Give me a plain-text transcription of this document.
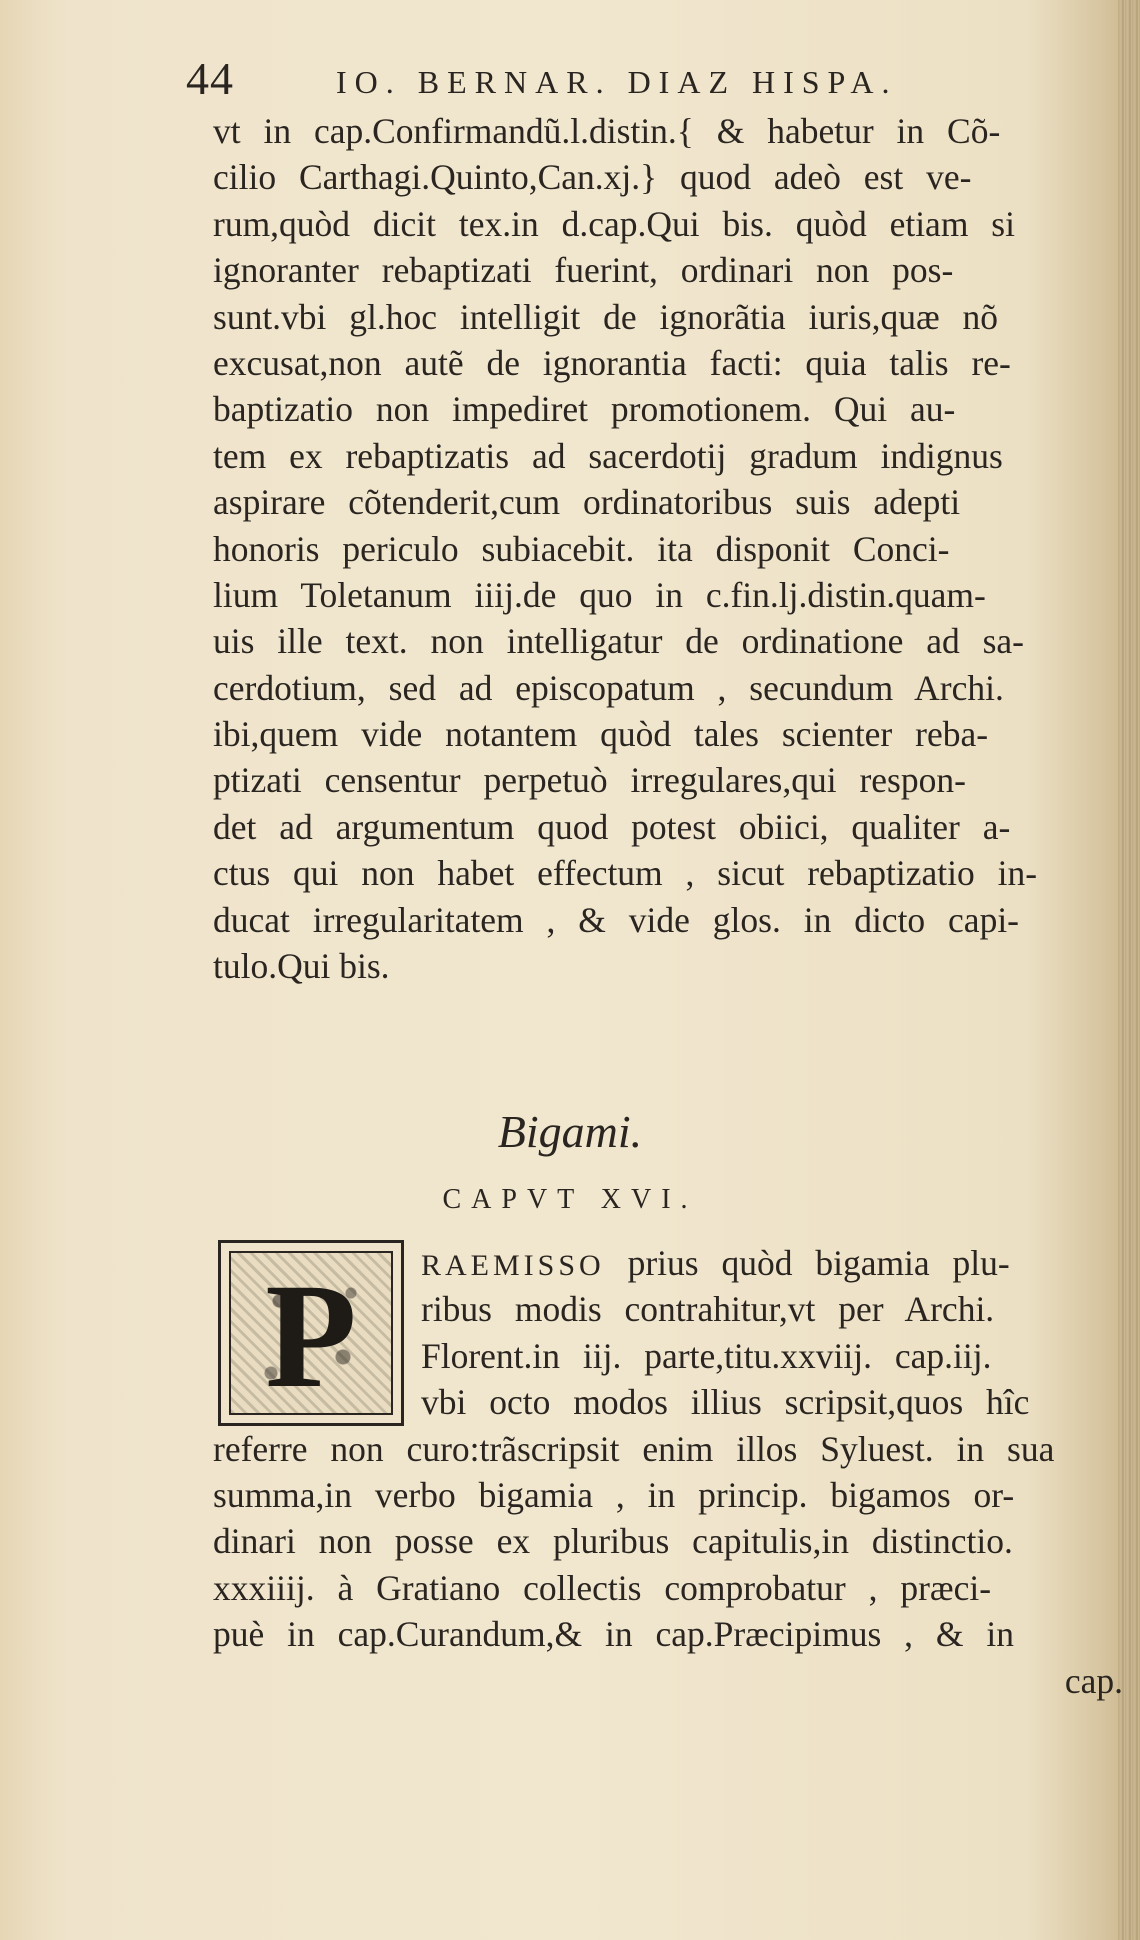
44	IO. BERNAR. DIAZ HISPA.
vt in cap.Confirmandũ.l.distin.{ & habetur in Cõ-
cilio Carthagi.Quinto,Can.xj.} quod adeò est ve-
rum,quòd dicit tex.in d.cap.Qui bis. quòd etiam si
ignoranter rebaptizati fuerint, ordinari non pos-
sunt.vbi gl.hoc intelligit de ignorãtia iuris,quæ nõ
excusat,non autẽ de ignorantia facti: quia talis re-
baptizatio non impediret promotionem. Qui au-
tem ex rebaptizatis ad sacerdotij gradum indignus
aspirare cõtenderit,cum ordinatoribus suis adepti
honoris periculo subiacebit. ita disponit Conci-
lium Toletanum iiij.de quo in c.fin.lj.distin.quam-
uis ille text. non intelligatur de ordinatione ad sa-
cerdotium, sed ad episcopatum , secundum Archi.
ibi,quem vide notantem quòd tales scienter reba-
ptizati censentur perpetuò irregulares,qui respon-
det ad argumentum quod potest obiici, qualiter a-
ctus qui non habet effectum , sicut rebaptizatio in-
ducat irregularitatem , & vide glos. in dicto capi-
tulo.Qui bis.
Bigami.
CAPVT XVI.
P	RAEMISSO prius quòd bigamia plu-
ribus modis contrahitur,vt per Archi.
Florent.in iij. parte,titu.xxviij. cap.iij.
vbi octo modos illius scripsit,quos hîc
referre non curo:trãscripsit enim illos Syluest. in sua
summa,in verbo bigamia , in princip. bigamos or-
dinari non posse ex pluribus capitulis,in distinctio.
xxxiiij. à Gratiano collectis comprobatur , præci-
puè in cap.Curandum,& in cap.Præcipimus , & in
cap.
